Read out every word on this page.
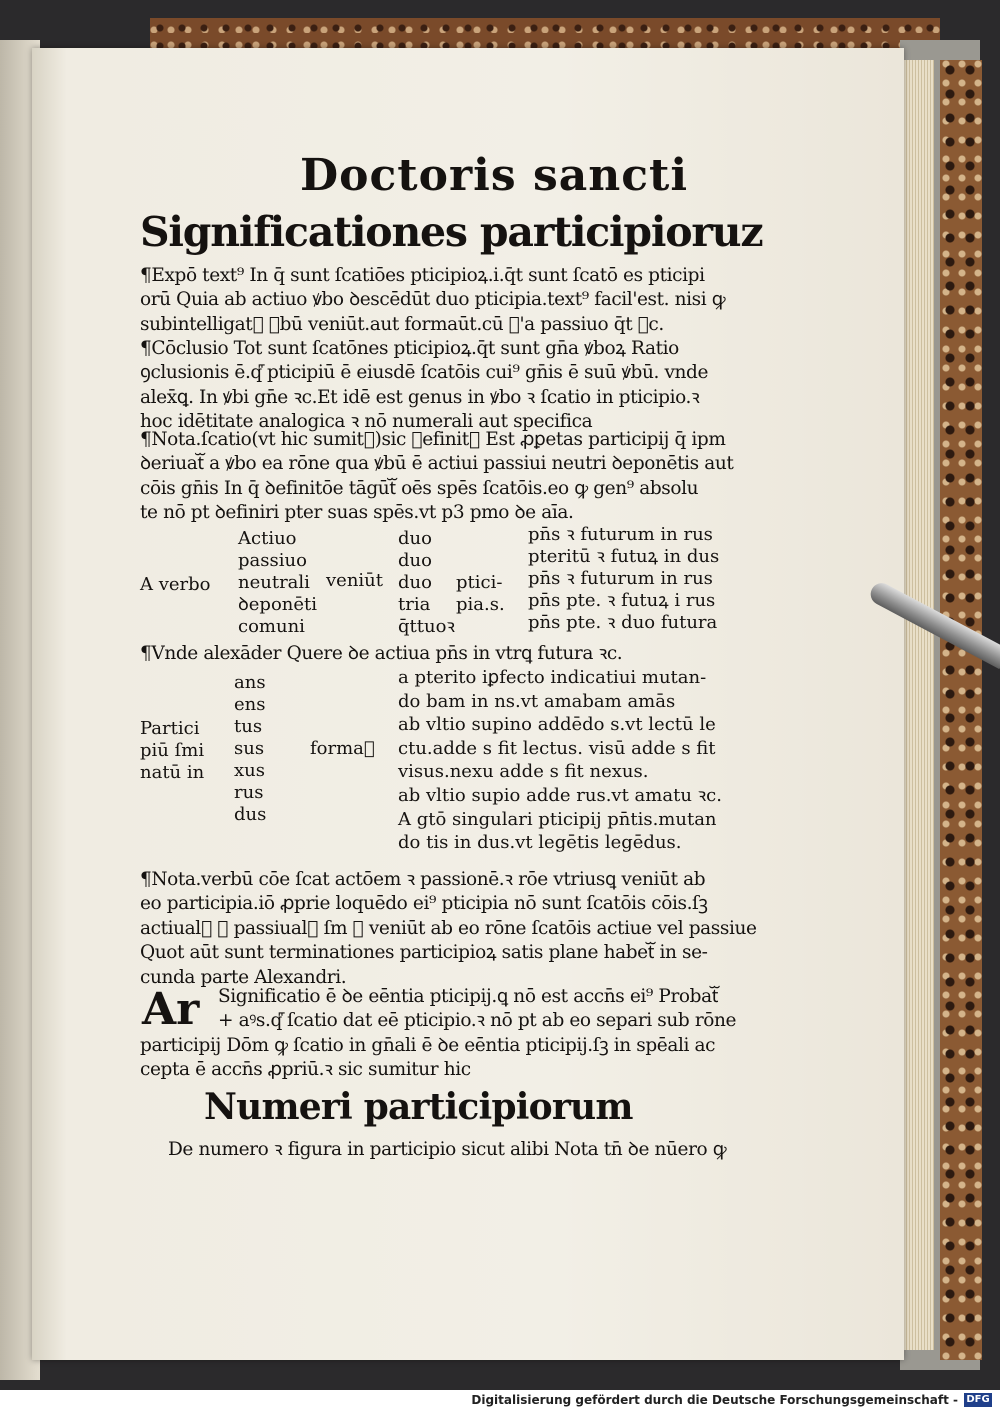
Doctoris sancti
Significationes participioruz
¶Expō text⁹ In q̄ sunt ſcatiōes pticipioꝝ.i.q̄t sunt ſcatō es pticipi
orū Quia ab actiuo ꝟbo ꝺescēdūt duo pticipia.text⁹ facil'est. nisi ꝙ
subintelligatᷓ ꝟbū veniūt.aut formaūt.cū ꝺ'a passiuo q̄t ꝛc.
¶Cōclusio Tot sunt ſcatōnes pticipioꝝ.q̄t sunt gn̄a ꝟboꝝ Ratio
ꝯclusionis ē.q꜠ pticipiū ē eiusdē ſcatōis cui⁹ gn̄is ē suū ꝟbū. vnde
alex̄ꝗ. In ꝟbi gn̄e ꝛc.Et idē est genus in ꝟbo ꝛ ſcatio in pticipio.ꝛ
hoc idētitate analogica ꝛ nō numerali aut specifica
¶Nota.ſcatio(vt hic sumitᷓ)sic ꝺefinitᷓ Est ꝓꝑetas participij q̄ ipm
ꝺeriuatᷓ a ꝟbo ea rōne qua ꝟbū ē actiui passiui neutri ꝺeponētis aut
cōis gn̄is In q̄ ꝺefinitōe tāgūtᷓ oēs spēs ſcatōis.eo ꝙ gen⁹ absolu
te nō pt ꝺefiniri pter suas spēs.vt p3 pmo ꝺe aīa.
A verbo
Actiuo
passiuo
neutrali
ꝺeponēti
comuni
veniūt
duo
duo
duo
tria
q̄ttuoꝛ
ptici-
pia.s.
pn̄s ꝛ futurum in rus
pteritū ꝛ futuꝝ in dus
pn̄s ꝛ futurum in rus
pn̄s pte. ꝛ futuꝝ i rus
pn̄s pte. ꝛ duo futura
¶Vnde alexāder Quere ꝺe actiua pn̄s in vtrꝗ futura ꝛc.
Partici
piū ſmi
natū in
ans
ens
tus
sus
xus
rus
dus
formaᷓ
a pterito iꝑfecto indicatiui mutan-
do bam in ns.vt amabam amās
ab vltio supino addēdo s.vt lectū le
ctu.adde s fit lectus. visū adde s fit
visus.nexu adde s fit nexus.
ab vltio supio adde rus.vt amatu ꝛc.
A gtō singulari pticipij pn̄tis.mutan
do tis in dus.vt legētis legēdus.
¶Nota.verbū cōe ſcat actōem ꝛ passionē.ꝛ rōe vtriusꝗ veniūt ab
eo participia.iō ꝓprie loquēdo ei⁹ pticipia nō sunt ſcatōis cōis.ſꝫ
actiualᷓ ꝛ passiualᷓ ſm ꝙ veniūt ab eo rōne ſcatōis actiue vel passiue
Quot aūt sunt terminationes participioꝝ satis plane habetᷓ in se-
cunda parte Alexandri.
Ar Significatio ē ꝺe eēntia pticipij.ꝗ nō est accn̄s ei⁹ Probatᷓ
+ aꝰs.q꜠ ſcatio dat eē pticipio.ꝛ nō pt ab eo separi sub rōne
participij Dōm ꝙ ſcatio in gn̄ali ē ꝺe eēntia pticipij.ſꝫ in spēali ac
cepta ē accn̄s ꝓpriū.ꝛ sic sumitur hic
Numeri participiorum
De numero ꝛ figura in participio sicut alibi Nota tn̄ ꝺe nūero ꝙ
Digitalisierung gefördert durch die Deutsche Forschungsgemeinschaft - DFG
